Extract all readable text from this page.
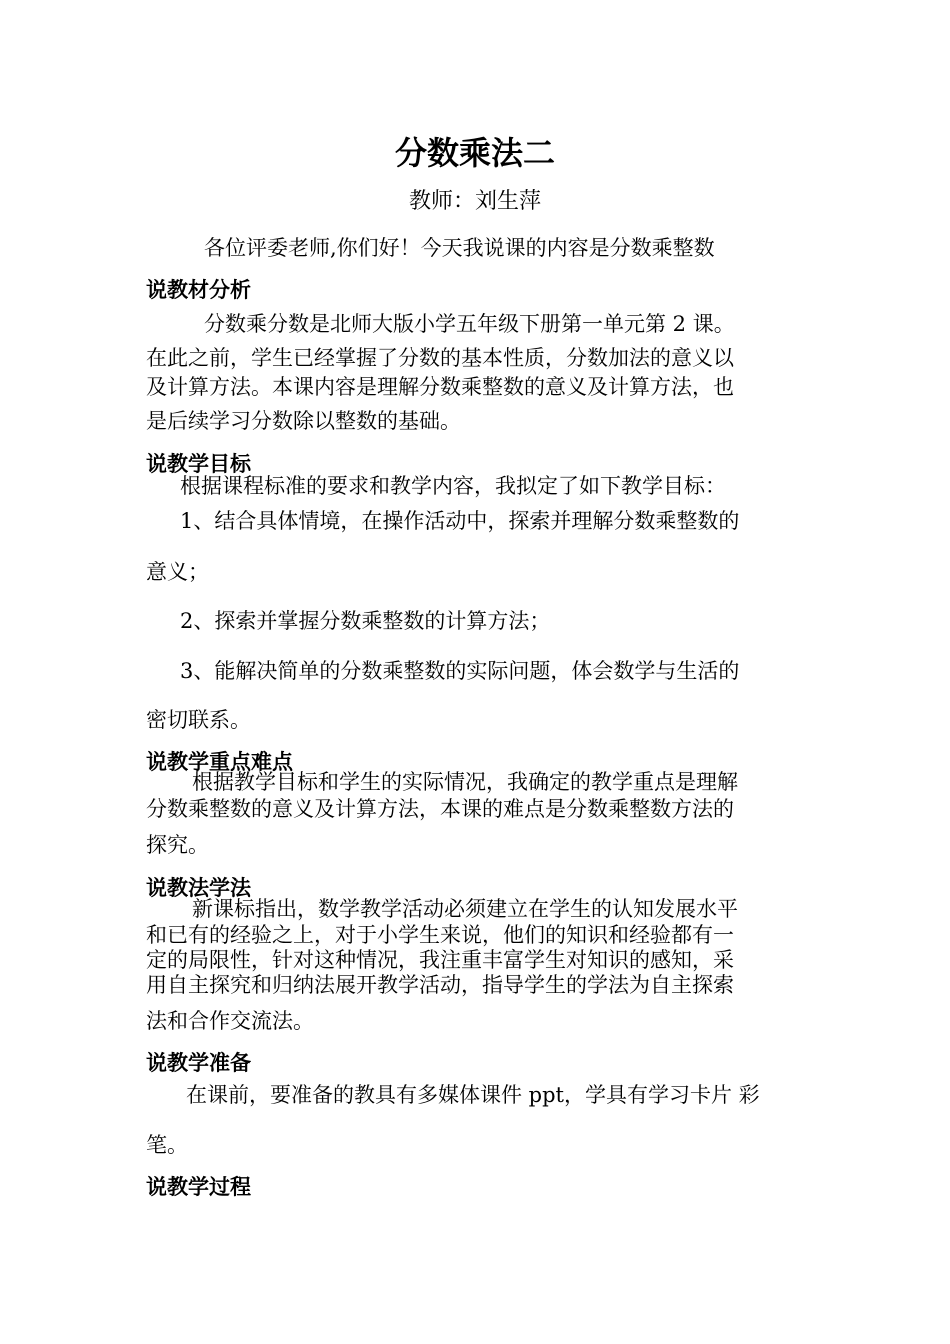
分数乘法二
教师：刘生萍
各位评委老师,你们好！今天我说课的内容是分数乘整数
说教材分析
分数乘分数是北师大版小学五年级下册第一单元第 2 课。
在此之前，学生已经掌握了分数的基本性质，分数加法的意义以
及计算方法。本课内容是理解分数乘整数的意义及计算方法，也
是后续学习分数除以整数的基础。
说教学目标
根据课程标准的要求和教学内容，我拟定了如下教学目标：
1、结合具体情境，在操作活动中，探索并理解分数乘整数的
意义；
2、探索并掌握分数乘整数的计算方法；
3、能解决简单的分数乘整数的实际问题，体会数学与生活的
密切联系。
说教学重点难点
根据教学目标和学生的实际情况，我确定的教学重点是理解
分数乘整数的意义及计算方法，本课的难点是分数乘整数方法的
探究。
说教法学法
新课标指出，数学教学活动必须建立在学生的认知发展水平
和已有的经验之上，对于小学生来说，他们的知识和经验都有一
定的局限性，针对这种情况，我注重丰富学生对知识的感知，采
用自主探究和归纳法展开教学活动，指导学生的学法为自主探索
法和合作交流法。
说教学准备
在课前，要准备的教具有多媒体课件 ppt，学具有学习卡片 彩
笔。
说教学过程
